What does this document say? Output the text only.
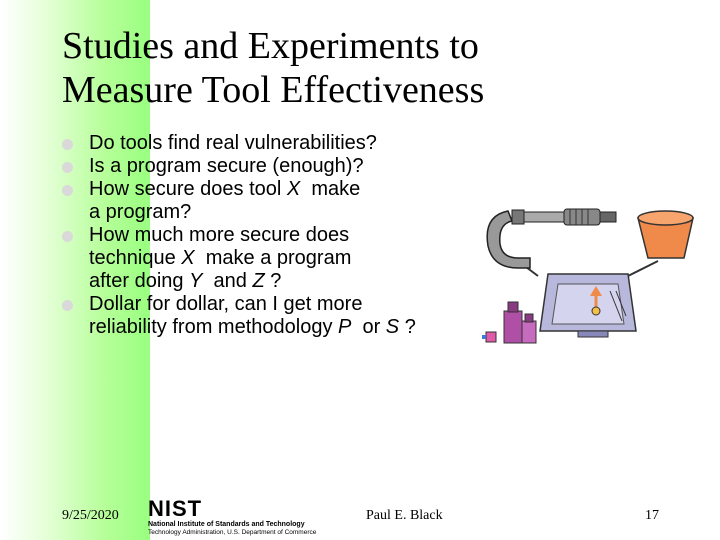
Studies and Experiments to
Measure Tool Effectiveness
Do tools find real vulnerabilities?
Is a program secure (enough)?
How secure does tool X  make
a program?
How much more secure does
technique X  make a program
after doing Y  and Z ?
Dollar for dollar, can I get more
reliability from methodology P  or S ?
9/25/2020 NIST
National Institute of Standards and Technology
Technology Administration, U.S. Department of Commerce
Paul E. Black	17
